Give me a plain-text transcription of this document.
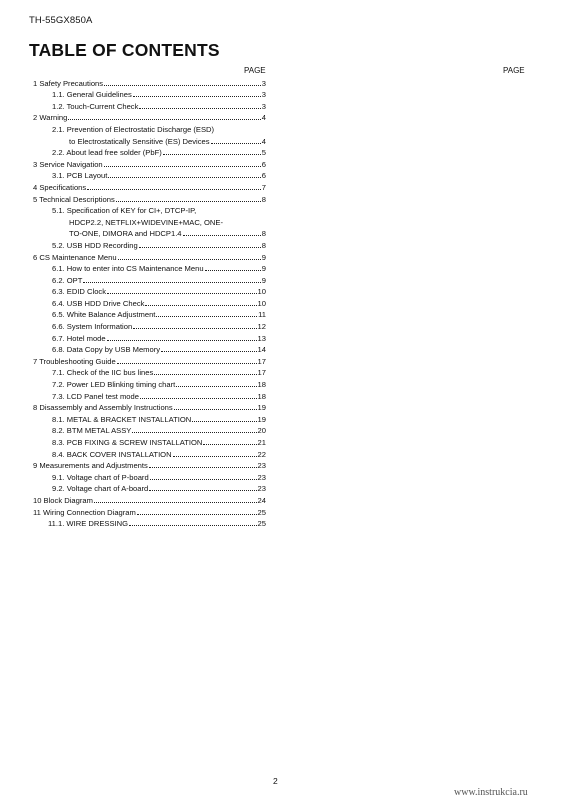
TH-55GX850A
TABLE OF CONTENTS
PAGE	PAGE
1 Safety Precautions	3
1.1. General Guidelines	3
1.2. Touch-Current Check	3
2 Warning	4
2.1. Prevention of Electrostatic Discharge (ESD)
to Electrostatically Sensitive (ES) Devices	4
2.2. About lead free solder (PbF)	5
3 Service Navigation	6
3.1. PCB Layout	6
4 Specifications	7
5 Technical Descriptions	8
5.1. Specification of KEY for CI+, DTCP-IP,
HDCP2.2, NETFLIX+WIDEVINE+MAC, ONE-
TO-ONE, DIMORA and HDCP1.4	8
5.2. USB HDD Recording	8
6 CS Maintenance Menu	9
6.1. How to enter into CS Maintenance Menu	9
6.2. OPT	9
6.3. EDID Clock	10
6.4. USB HDD Drive Check	10
6.5. White Balance Adjustment	11
6.6. System Information	12
6.7. Hotel mode	13
6.8. Data Copy by USB Memory	14
7 Troubleshooting Guide	17
7.1. Check of the IIC bus lines	17
7.2. Power LED Blinking timing chart	18
7.3. LCD Panel test mode	18
8 Disassembly and Assembly Instructions	19
8.1. METAL & BRACKET INSTALLATION	19
8.2. BTM METAL ASSY	20
8.3. PCB FIXING & SCREW INSTALLATION	21
8.4. BACK COVER INSTALLATION	22
9 Measurements and Adjustments	23
9.1. Voltage chart of P-board	23
9.2. Voltage chart of A-board	23
10 Block Diagram	24
11 Wiring Connection Diagram	25
11.1. WIRE DRESSING	25
2
www.instrukcia.ru
